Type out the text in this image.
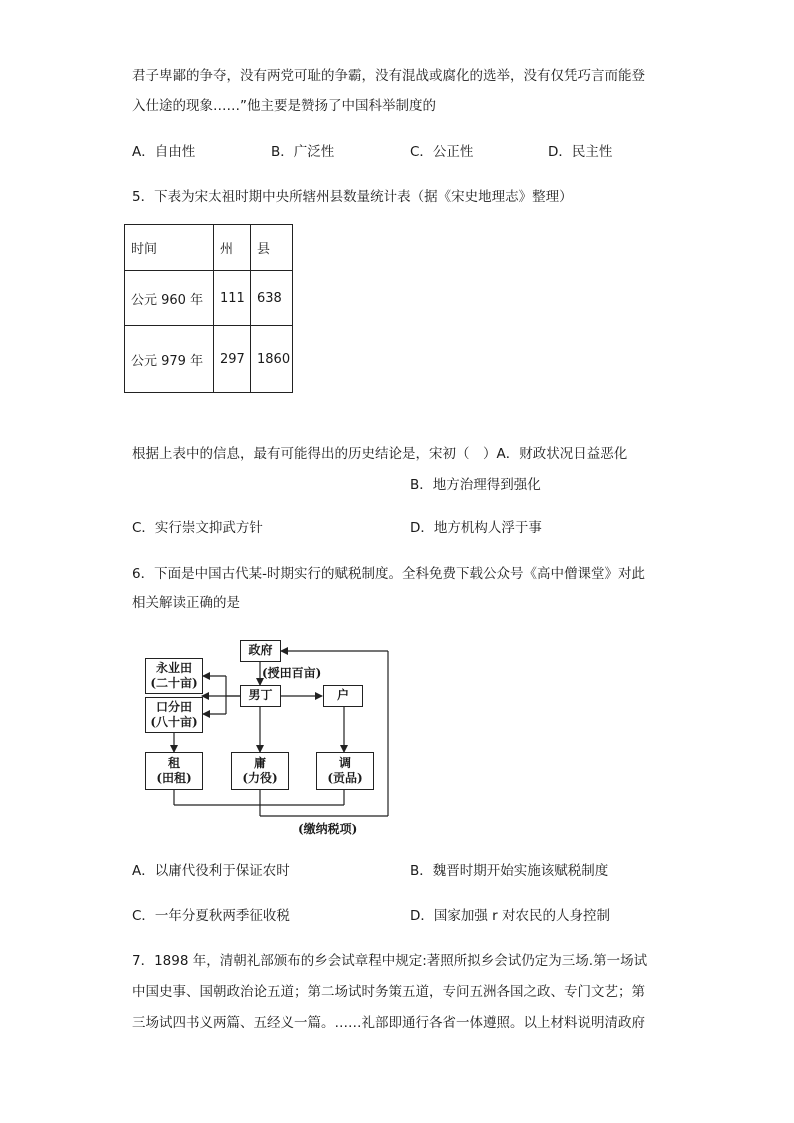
君子卑鄙的争夺，没有两党可耻的争霸，没有混战或腐化的选举，没有仅凭巧言而能登
入仕途的现象……”他主要是赞扬了中国科举制度的
A．自由性	B．广泛性	C．公正性	D．民主性
5．下表为宋太祖时期中央所辖州县数量统计表（据《宋史地理志》整理）
时间	州	县
公元 960 年	111	638
公元 979 年	297	1860
根据上表中的信息，最有可能得出的历史结论是，宋初（　）A．财政状况日益恶化
B．地方治理得到强化
C．实行崇文抑武方针	D．地方机构人浮于事
6．下面是中国古代某-时期实行的赋税制度。全科免费下载公众号《高中僧课堂》对此
相关解读正确的是
政府
(授田百亩)
永业田
(二十亩)
口分田
(八十亩)
男丁	户
租
(田租)
庸
(力役)
调
(贡品)
(缴纳税项)
A．以庸代役利于保证农时	B．魏晋时期开始实施该赋税制度
C．一年分夏秋两季征收税	D．国家加强 r 对农民的人身控制
7．1898 年，清朝礼部颁布的乡会试章程中规定:著照所拟乡会试仍定为三场.第一场试
中国史事、国朝政治论五道；第二场试时务策五道，专问五洲各国之政、专门文艺；第
三场试四书义两篇、五经义一篇。……礼部即通行各省一体遵照。以上材料说明清政府
